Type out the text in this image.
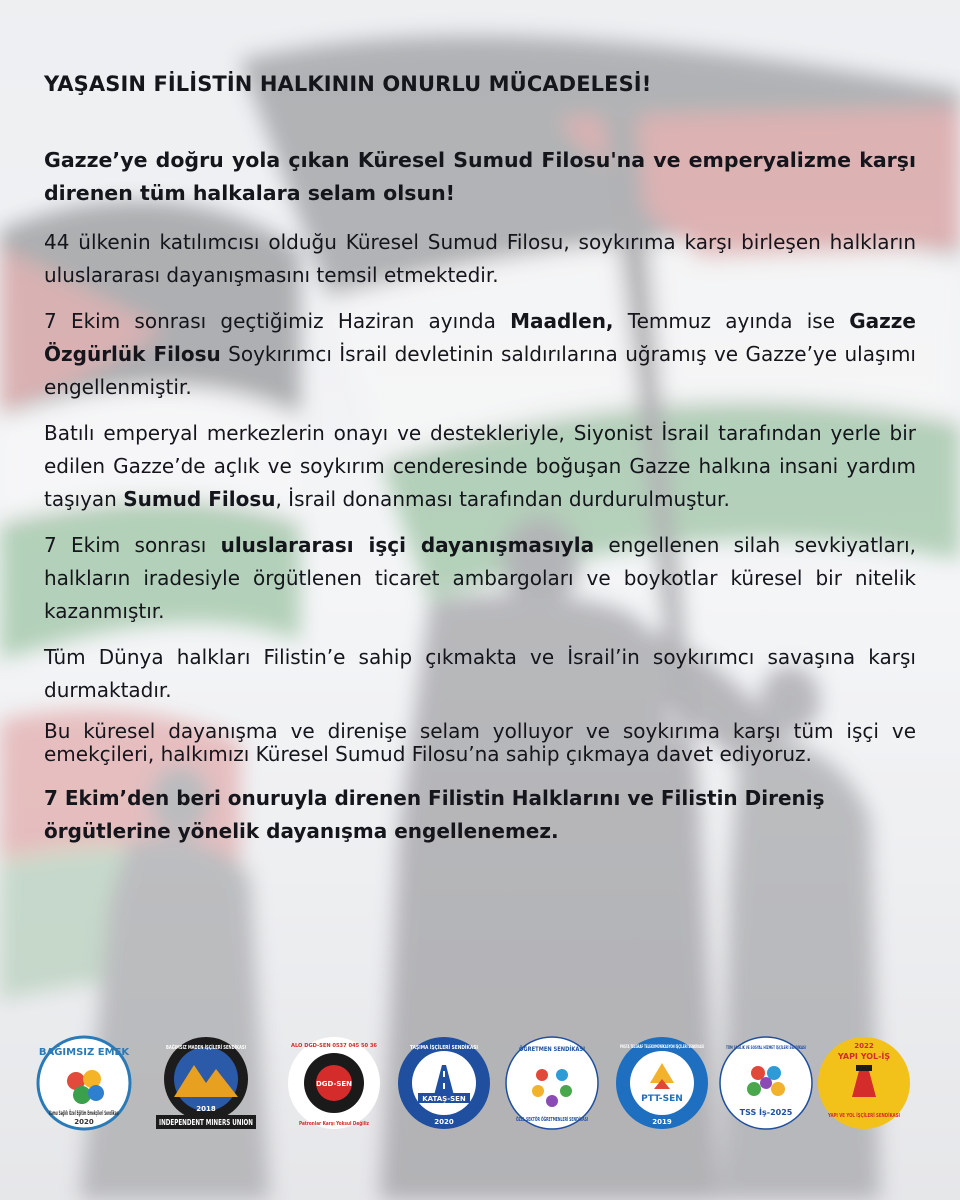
YAŞASIN FİLİSTİN HALKININ ONURLU MÜCADELESİ!
Gazze’ye doğru yola çıkan Küresel Sumud Filosu'na ve emperyalizme karşı direnen tüm halkalara selam olsun!
44 ülkenin katılımcısı olduğu Küresel Sumud Filosu, soykırıma karşı birleşen halkların uluslararası dayanışmasını temsil etmektedir.
7 Ekim sonrası geçtiğimiz Haziran ayında Maadlen, Temmuz ayında ise Gazze Özgürlük Filosu Soykırımcı İsrail devletinin saldırılarına uğramış ve Gazze’ye ulaşımı engellenmiştir.
Batılı emperyal merkezlerin onayı ve destekleriyle, Siyonist İsrail tarafından yerle bir edilen Gazze’de açlık ve soykırım cenderesinde boğuşan Gazze halkına insani yardım taşıyan Sumud Filosu, İsrail donanması tarafından durdurulmuştur.
7 Ekim sonrası uluslararası işçi dayanışmasıyla engellenen silah sevkiyatları, halkların iradesiyle örgütlenen ticaret ambargoları ve boykotlar küresel bir nitelik kazanmıştır.
Tüm Dünya halkları Filistin’e sahip çıkmakta ve İsrail’in soykırımcı savaşına karşı durmaktadır.
Bu küresel dayanışma ve direnişe selam yolluyor ve soykırıma karşı tüm işçi ve emekçileri, halkımızı Küresel Sumud Filosu’na sahip çıkmaya davet ediyoruz.
7 Ekim’den beri onuruyla direnen Filistin Halklarını ve Filistin Direniş örgütlerine yönelik dayanışma engellenemez.
BAĞIMSIZ EMEK
Kamu Sağlık Özel Eğitim Emekçileri Sendikası
2020
BAĞIMSIZ MADEN İŞÇİLERİ SENDİKASI
2018
INDEPENDENT MINERS UNION
DGD-SEN
ALO DGD-SEN 0537 045 50 36
Patronlar Karşı Yoksul Değiliz
TAŞIMA İŞÇİLERİ SENDİKASI
KATAŞ-SEN
2020
ÖĞRETMEN SENDİKASI
ÖZEL SEKTÖR ÖĞRETMENLERİ SENDİKASI
PTT-SEN
POSTA TELGRAF TELEKOMÜNİKASYON İŞÇİLERİ SENDİKASI
2019
TÜM SAĞLIK VE SOSYAL HİZMET İŞÇİLERİ SENDİKASI
TSS İş-2025
2022
YAPI YOL-İŞ
YAPI VE YOL İŞÇİLERİ SENDİKASI
